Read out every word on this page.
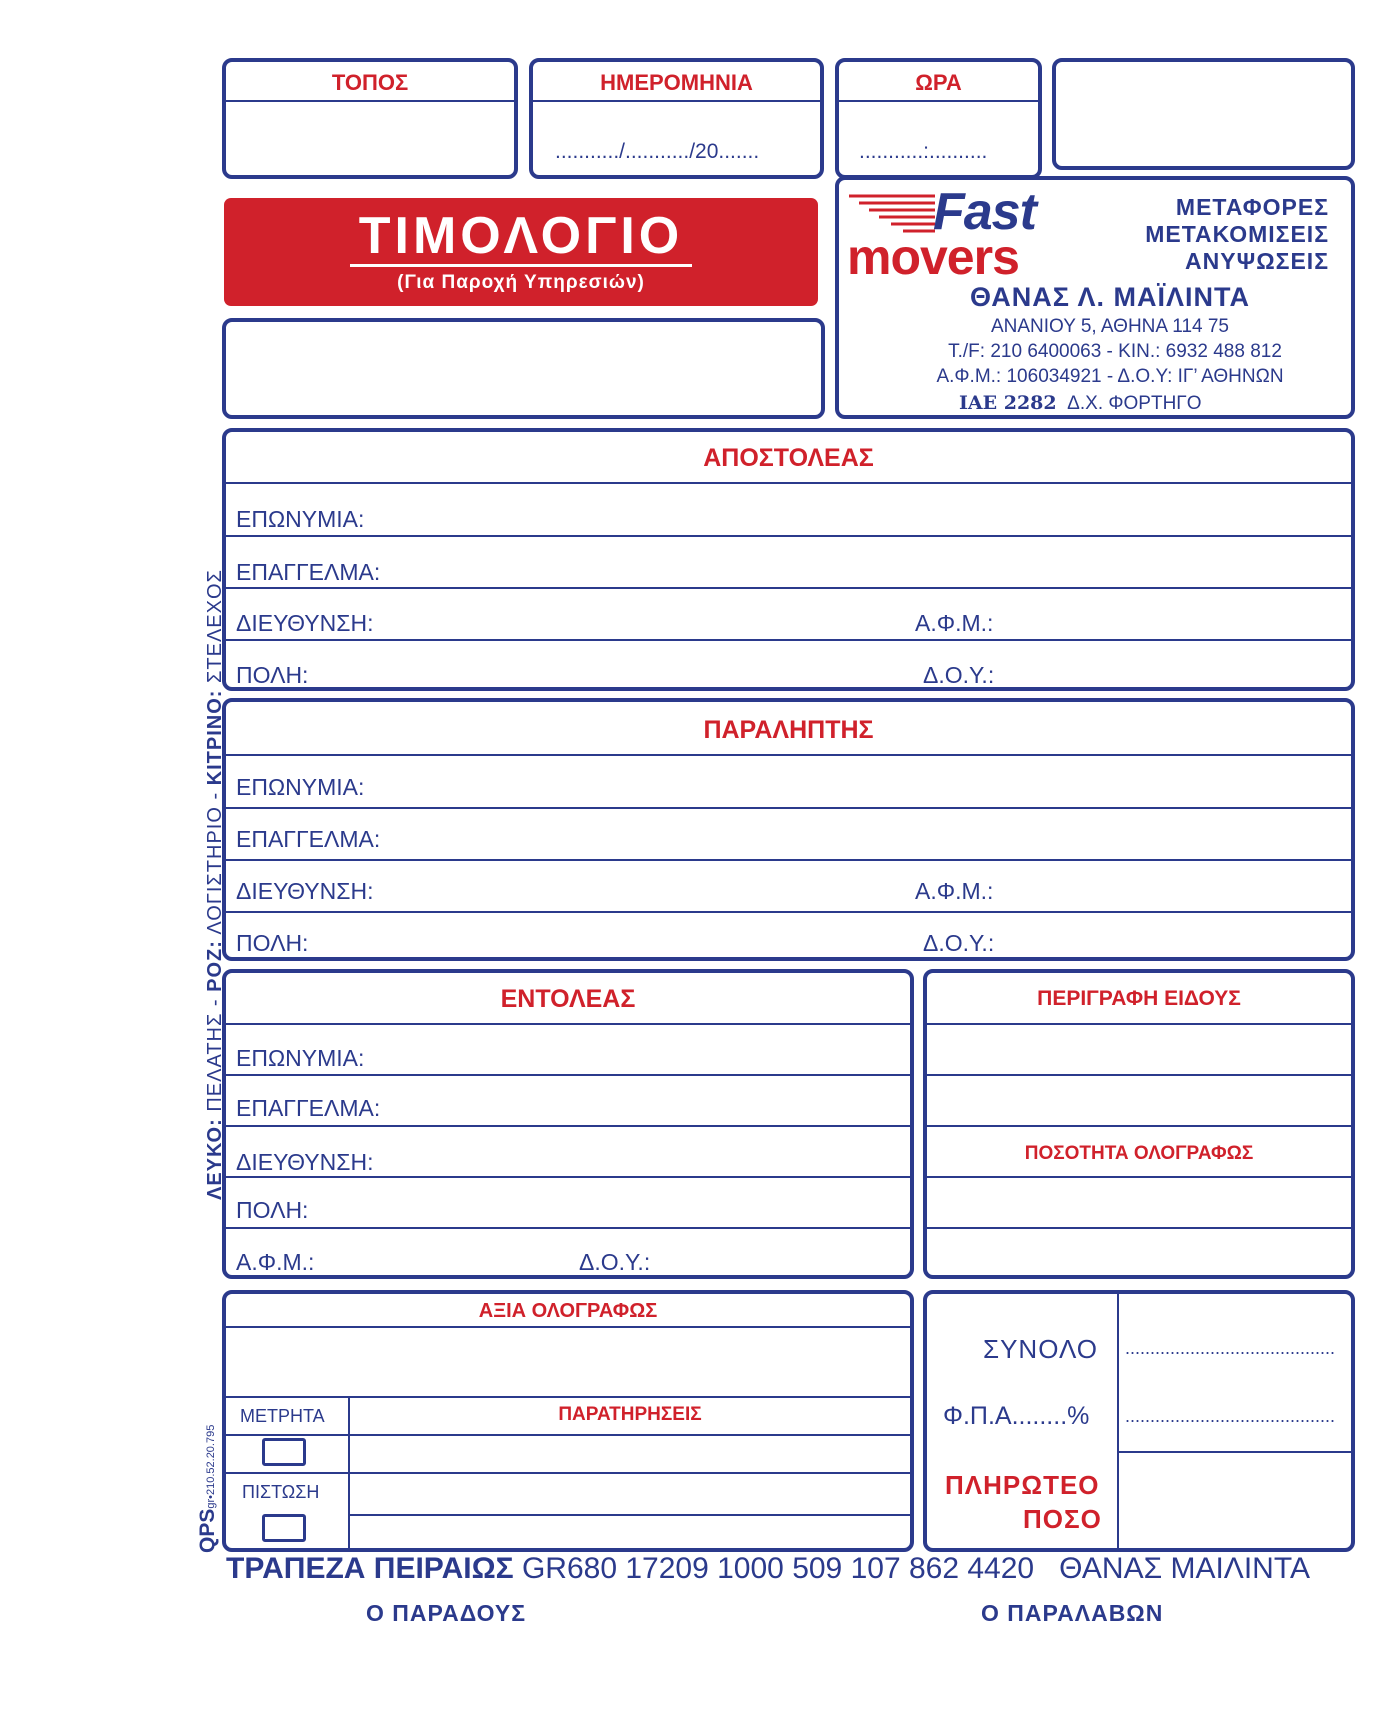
ΤΟΠΟΣ	ΗΜΕΡΟΜΗΝΙΑ
.........../.........../20.......
ΩΡΑ
...........:..........
ΤΙΜΟΛΟΓΙΟ
(Για Παροχή Υπηρεσιών)
Fast
movers
ΜΕΤΑΦΟΡΕΣ
ΜΕΤΑΚΟΜΙΣΕΙΣ
ΑΝΥΨΩΣΕΙΣ
ΘΑΝΑΣ Λ. ΜΑΪΛΙΝΤΑ
ΑΝΑΝΙΟΥ 5, ΑΘΗΝΑ 114 75
Τ./F: 210 6400063 - ΚΙΝ.: 6932 488 812
Α.Φ.Μ.: 106034921 - Δ.Ο.Υ: ΙΓ’ ΑΘΗΝΩΝ
ΙΑΕ 2282 Δ.Χ. ΦΟΡΤΗΓΟ
ΑΠΟΣΤΟΛΕΑΣ
ΕΠΩΝΥΜΙΑ:
ΕΠΑΓΓΕΛΜΑ:
ΔΙΕΥΘΥΝΣΗ:	Α.Φ.Μ.:
ΠΟΛΗ:	Δ.Ο.Υ.:
ΠΑΡΑΛΗΠΤΗΣ
ΕΠΩΝΥΜΙΑ:
ΕΠΑΓΓΕΛΜΑ:
ΔΙΕΥΘΥΝΣΗ:	Α.Φ.Μ.:
ΠΟΛΗ:	Δ.Ο.Υ.:
ΕΝΤΟΛΕΑΣ
ΕΠΩΝΥΜΙΑ:
ΕΠΑΓΓΕΛΜΑ:
ΔΙΕΥΘΥΝΣΗ:
ΠΟΛΗ:
Α.Φ.Μ.:	Δ.Ο.Υ.:
ΠΕΡΙΓΡΑΦΗ ΕΙΔΟΥΣ
ΠΟΣΟΤΗΤΑ ΟΛΟΓΡΑΦΩΣ
ΑΞΙΑ ΟΛΟΓΡΑΦΩΣ
ΜΕΤΡΗΤΑ	ΠΑΡΑΤΗΡΗΣΕΙΣ
ΠΙΣΤΩΣΗ
ΣΥΝΟΛΟ ..........................................
Φ.Π.Α........% ..........................................
ΠΛΗΡΩΤΕΟ
ΠΟΣΟ
ΤΡΑΠΕΖΑ ΠΕΙΡΑΙΩΣ GR680 17209 1000 509 107 862 4420 ΘΑΝΑΣ ΜΑΙΛΙΝΤΑ
Ο ΠΑΡΑΔΟΥΣ	Ο ΠΑΡΑΛΑΒΩΝ
ΛΕΥΚΟ: ΠΕΛΑΤΗΣ - ΡΟΖ: ΛΟΓΙΣΤΗΡΙΟ - ΚΙΤΡΙΝΟ: ΣΤΕΛΕΧΟΣ
QPSgr•210.52.20.795
